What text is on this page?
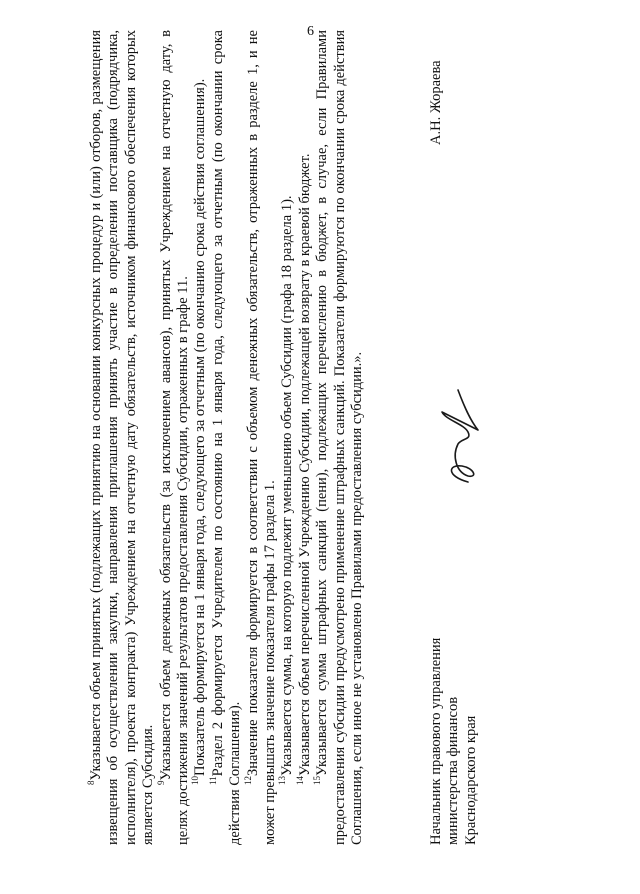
6

$^8$Указывается объем принятых (подлежащих принятию на основании конкурсных процедур и (или) отборов, размещения извещения об осуществлении закупки, направления приглашения принять участие в определении поставщика (подрядчика, исполнителя), проекта контракта) Учреждением на отчетную дату обязательств, источником финансового обеспечения которых является Субсидия. $^9$Указывается объем денежных обязательств (за исключением авансов), принятых Учреждением на отчетную дату, в целях достижения значений результатов предоставления Субсидии, отраженных в графе 11. $^{10}$Показатель формируется на 1 января года, следующего за отчетным (по окончанию срока действия соглашения).

$^{11}$Раздел 2 формируется Учредителем по состоянию на 1 января года, следующего за отчетным (по окончании срока действия Соглашения). $^{12}$Значение показателя формируется в соответствии с объемом денежных обязательств, отраженных в разделе 1, и не может превышать значение показателя графы 17 раздела 1. $^{13}$Указывается сумма, на которую подлежит уменьшению объем Субсидии (графа 18 раздела 1).

$^{14}$Указывается объем перечисленной Учреждению Субсидии, подлежащей возврату в краевой бюджет.

$^{15}$Указывается сумма штрафных санкций (пени), подлежащих перечислению в бюджет, в случае, если Правилами предоставления субсидии предусмотрено применение штрафных санкций. Показатели формируются по окончании срока действия Соглашения, если иное не установлено Правилами предоставления субсидии.».	Начальник правового управления министерства финансов Краснодарского края
А.Н. Жораева
